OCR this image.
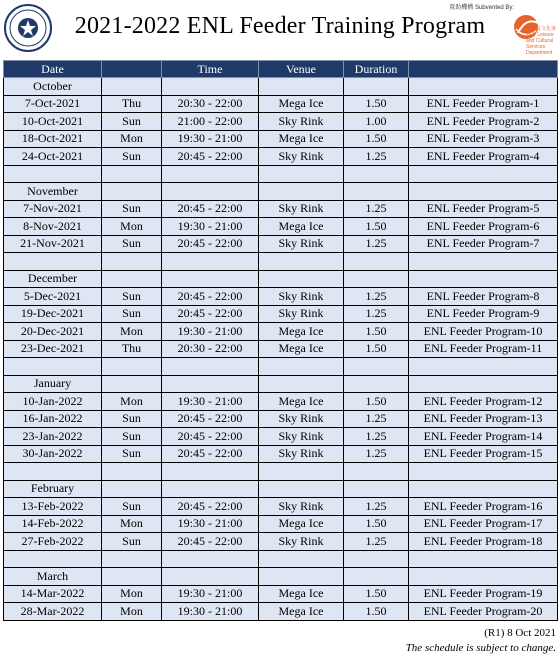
2021-2022 ENL Feeder Training Program
資助機構 Subvented By:
康樂及文化事務署 Leisure and Cultural Services Department
Date		Time	Venue	Duration	
October					
7-Oct-2021	Thu	20:30 - 22:00	Mega Ice	1.50	ENL Feeder Program-1
10-Oct-2021	Sun	21:00 - 22:00	Sky Rink	1.00	ENL Feeder Program-2
18-Oct-2021	Mon	19:30 - 21:00	Mega Ice	1.50	ENL Feeder Program-3
24-Oct-2021	Sun	20:45 - 22:00	Sky Rink	1.25	ENL Feeder Program-4

November					
7-Nov-2021	Sun	20:45 - 22:00	Sky Rink	1.25	ENL Feeder Program-5
8-Nov-2021	Mon	19:30 - 21:00	Mega Ice	1.50	ENL Feeder Program-6
21-Nov-2021	Sun	20:45 - 22:00	Sky Rink	1.25	ENL Feeder Program-7

December					
5-Dec-2021	Sun	20:45 - 22:00	Sky Rink	1.25	ENL Feeder Program-8
19-Dec-2021	Sun	20:45 - 22:00	Sky Rink	1.25	ENL Feeder Program-9
20-Dec-2021	Mon	19:30 - 21:00	Mega Ice	1.50	ENL Feeder Program-10
23-Dec-2021	Thu	20:30 - 22:00	Mega Ice	1.50	ENL Feeder Program-11

January					
10-Jan-2022	Mon	19:30 - 21:00	Mega Ice	1.50	ENL Feeder Program-12
16-Jan-2022	Sun	20:45 - 22:00	Sky Rink	1.25	ENL Feeder Program-13
23-Jan-2022	Sun	20:45 - 22:00	Sky Rink	1.25	ENL Feeder Program-14
30-Jan-2022	Sun	20:45 - 22:00	Sky Rink	1.25	ENL Feeder Program-15

February					
13-Feb-2022	Sun	20:45 - 22:00	Sky Rink	1.25	ENL Feeder Program-16
14-Feb-2022	Mon	19:30 - 21:00	Mega Ice	1.50	ENL Feeder Program-17
27-Feb-2022	Sun	20:45 - 22:00	Sky Rink	1.25	ENL Feeder Program-18

March					
14-Mar-2022	Mon	19:30 - 21:00	Mega Ice	1.50	ENL Feeder Program-19
28-Mar-2022	Mon	19:30 - 21:00	Mega Ice	1.50	ENL Feeder Program-20
(R1) 8 Oct 2021
The schedule is subject to change.
